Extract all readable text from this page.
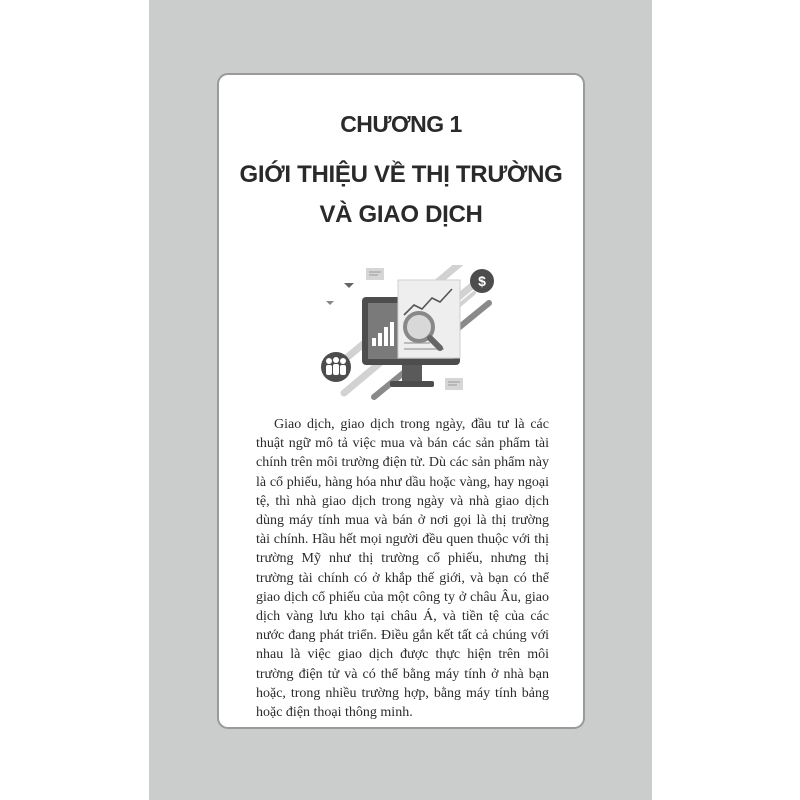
CHƯƠNG 1
GIỚI THIỆU VỀ THỊ TRƯỜNG
VÀ GIAO DỊCH
$

Giao dịch, giao dịch trong ngày, đầu tư là các thuật ngữ mô tả việc mua và bán các sản phẩm tài chính trên môi trường điện tử. Dù các sản phẩm này là cổ phiếu, hàng hóa như dầu hoặc vàng, hay ngoại tệ, thì nhà giao dịch trong ngày và nhà giao dịch dùng máy tính mua và bán ở nơi gọi là thị trường tài chính. Hầu hết mọi người đều quen thuộc với thị trường Mỹ như thị trường cổ phiếu, nhưng thị trường tài chính có ở khắp thế giới, và bạn có thể giao dịch cổ phiếu của một công ty ở châu Âu, giao dịch vàng lưu kho tại châu Á, và tiền tệ của các nước đang phát triển. Điều gắn kết tất cả chúng với nhau là việc giao dịch được thực hiện trên môi trường điện tử và có thể bằng máy tính ở nhà bạn hoặc, trong nhiều trường hợp, bằng máy tính bảng hoặc điện thoại thông minh.
